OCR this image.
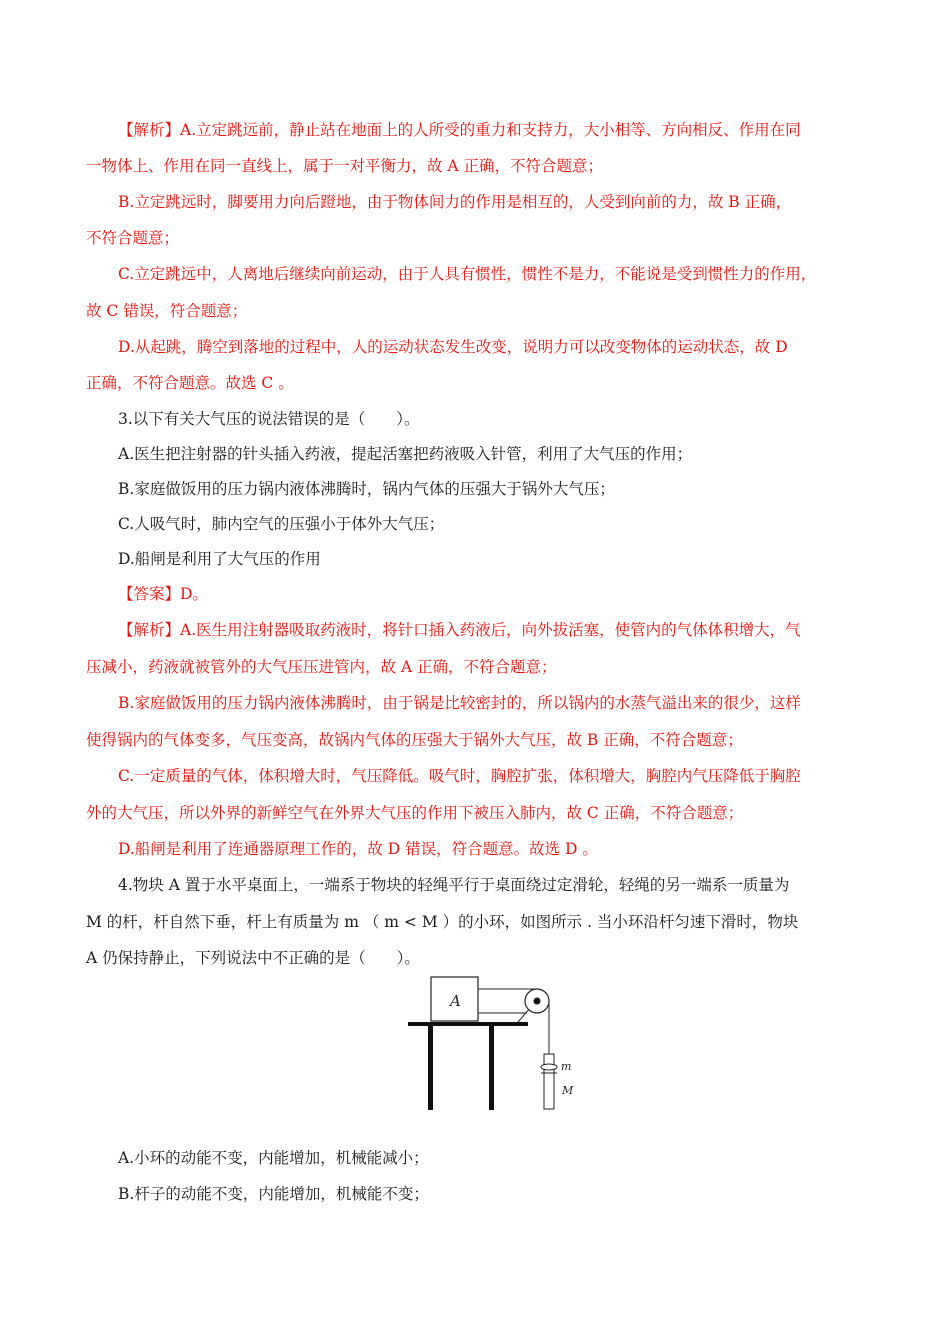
【解析】A.立定跳远前，静止站在地面上的人所受的重力和支持力，大小相等、方向相反、作用在同
一物体上、作用在同一直线上，属于一对平衡力，故 A 正确，不符合题意；
B.立定跳远时，脚要用力向后蹬地，由于物体间力的作用是相互的，人受到向前的力，故 B 正确，
不符合题意；
C.立定跳远中，人离地后继续向前运动，由于人具有惯性，惯性不是力，不能说是受到惯性力的作用，
故 C 错误，符合题意；
D.从起跳，腾空到落地的过程中，人的运动状态发生改变，说明力可以改变物体的运动状态，故 D
正确，不符合题意。故选 C 。
3.以下有关大气压的说法错误的是（　　）。
A.医生把注射器的针头插入药液，提起活塞把药液吸入针管，利用了大气压的作用；
B.家庭做饭用的压力锅内液体沸腾时，锅内气体的压强大于锅外大气压；
C.人吸气时，肺内空气的压强小于体外大气压；
D.船闸是利用了大气压的作用
【答案】D。
【解析】A.医生用注射器吸取药液时，将针口插入药液后，向外拔活塞，使管内的气体体积增大，气
压减小，药液就被管外的大气压压进管内，故 A 正确，不符合题意；
B.家庭做饭用的压力锅内液体沸腾时，由于锅是比较密封的，所以锅内的水蒸气溢出来的很少，这样
使得锅内的气体变多，气压变高，故锅内气体的压强大于锅外大气压，故 B 正确，不符合题意；
C.一定质量的气体，体积增大时，气压降低。吸气时，胸腔扩张，体积增大，胸腔内气压降低于胸腔
外的大气压，所以外界的新鲜空气在外界大气压的作用下被压入肺内，故 C 正确，不符合题意；
D.船闸是利用了连通器原理工作的，故 D 错误，符合题意。故选 D 。
4.物块 A 置于水平桌面上，一端系于物块的轻绳平行于桌面绕过定滑轮，轻绳的另一端系一质量为
M 的杆，杆自然下垂，杆上有质量为 m （ m < M ）的小环，如图所示 . 当小环沿杆匀速下滑时，物块
A 仍保持静止，下列说法中不正确的是（　　）。
A
m
M
A.小环的动能不变，内能增加，机械能减小；
B.杆子的动能不变，内能增加，机械能不变；
